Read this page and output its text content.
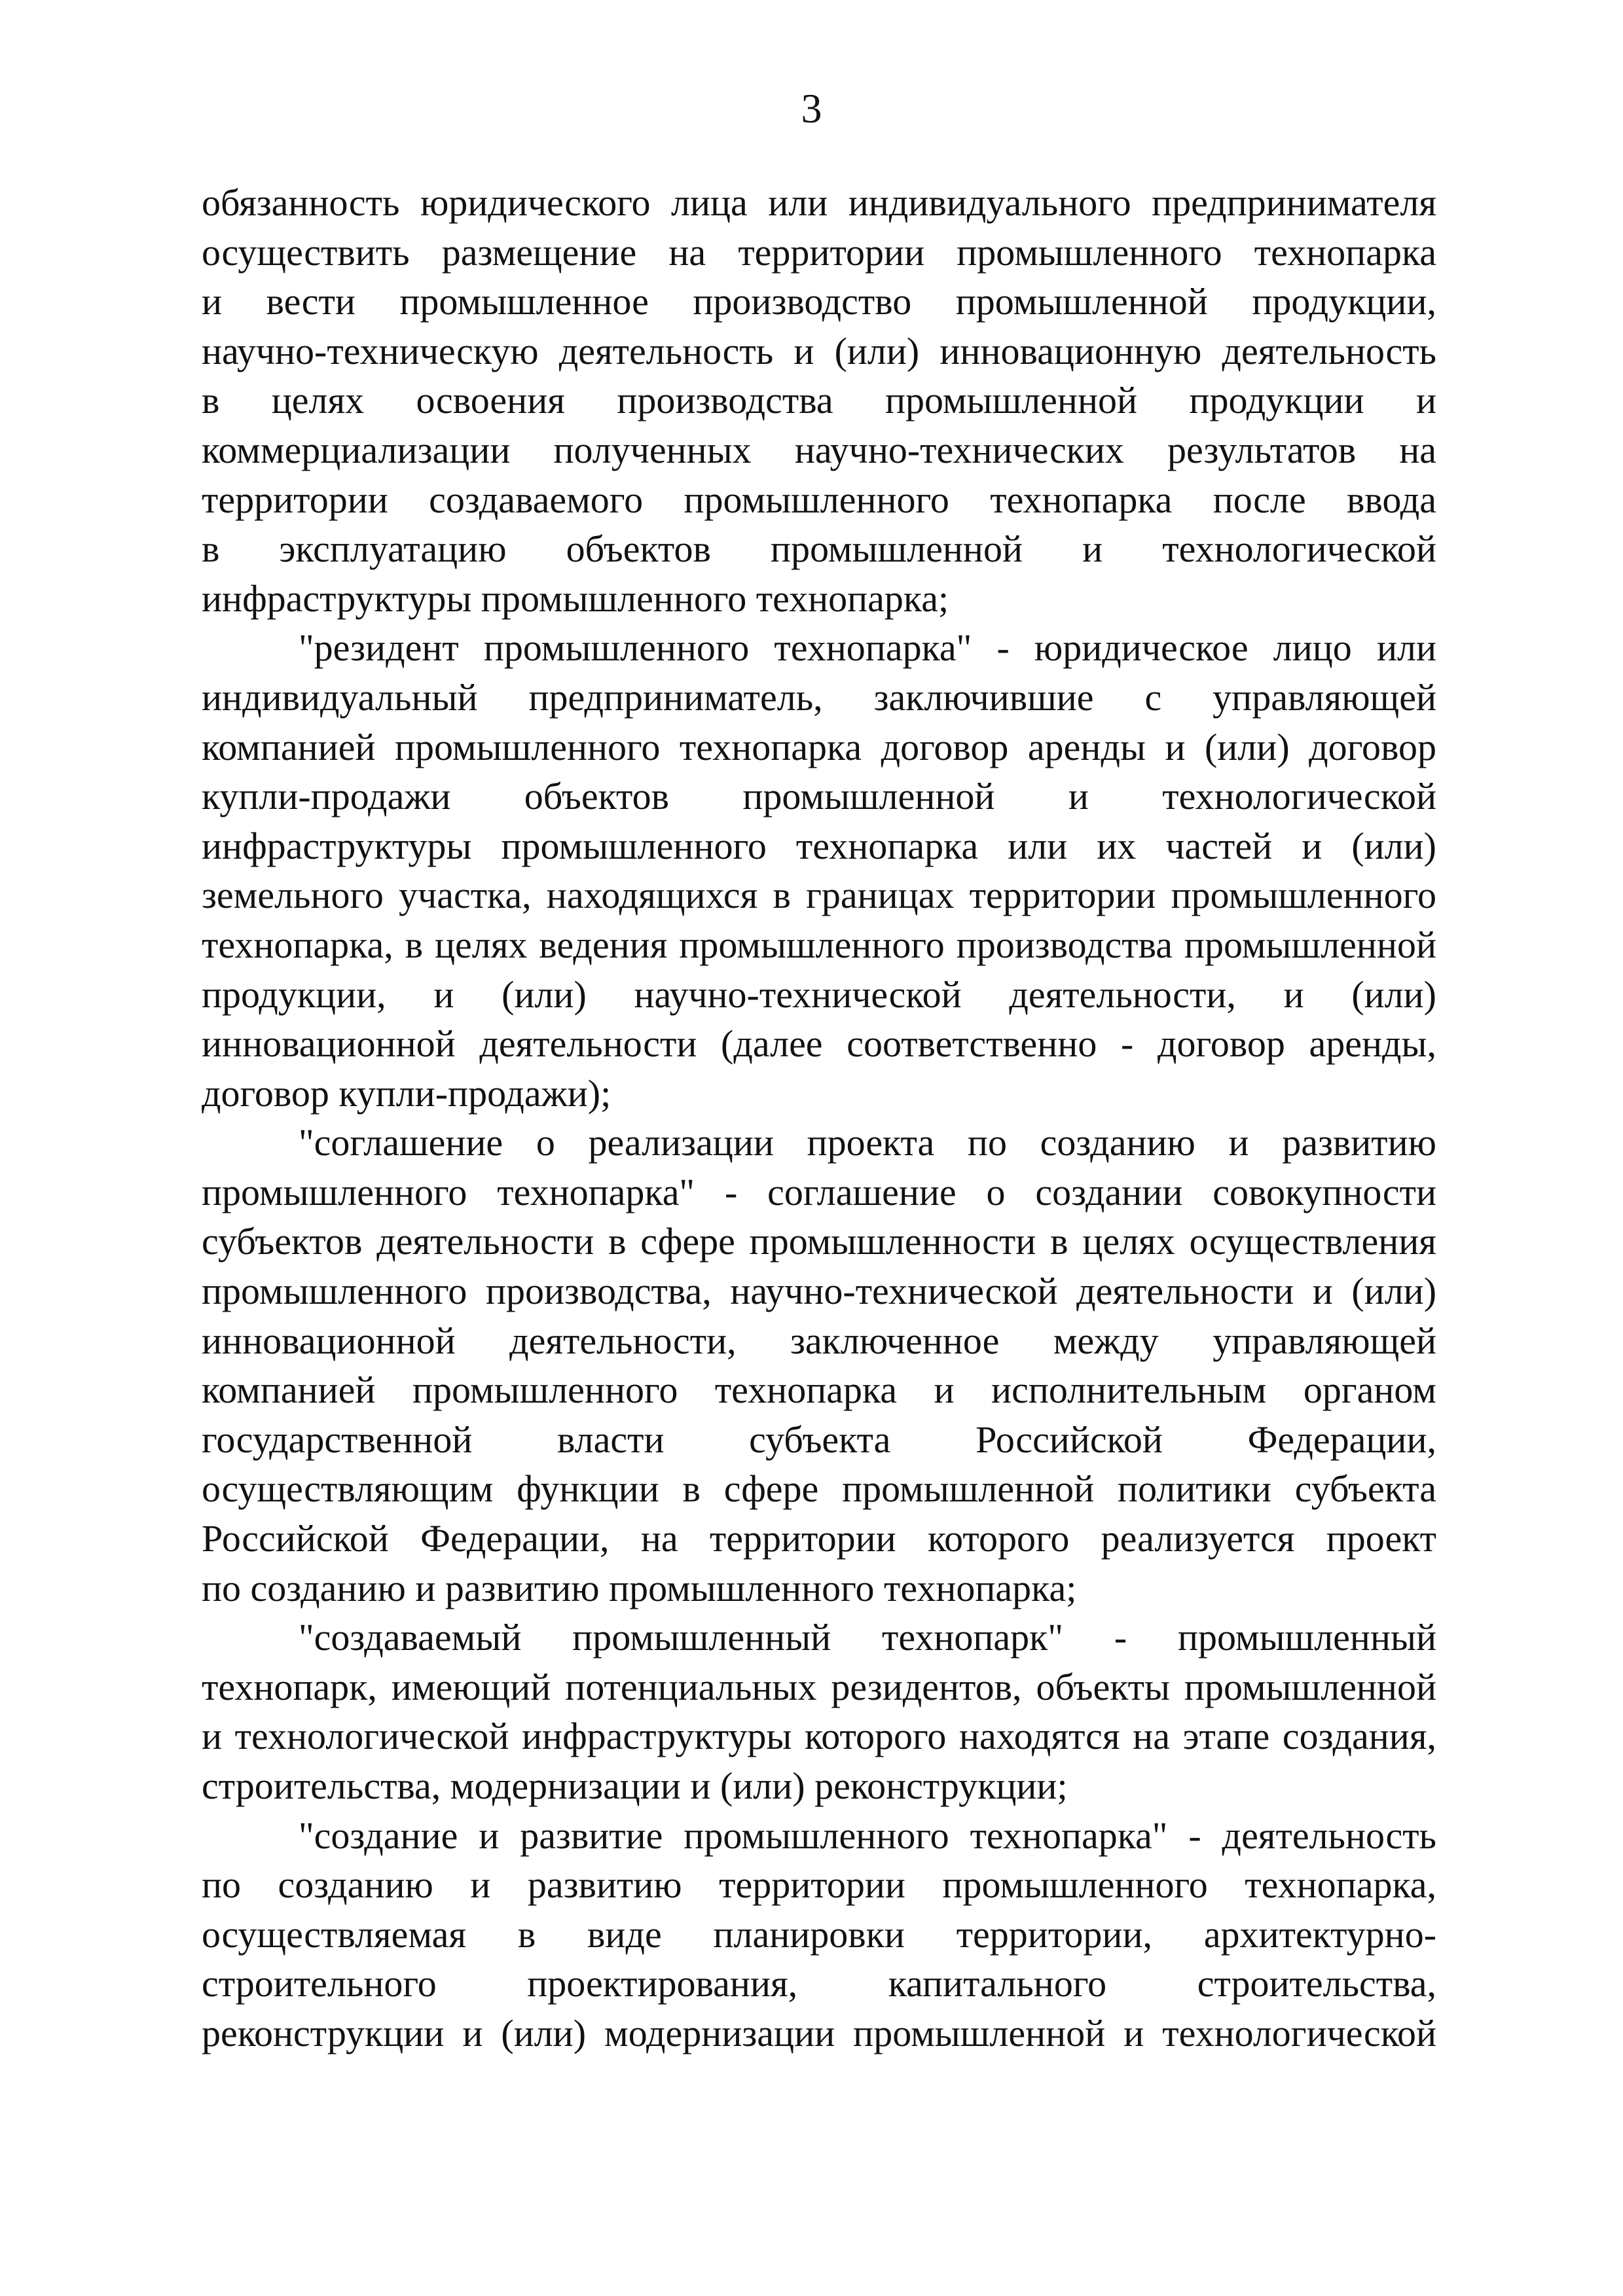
3
обязанность юридического лица или индивидуального предпринимателя
осуществить размещение на территории промышленного технопарка
и вести промышленное производство промышленной продукции,
научно-техническую деятельность и (или) инновационную деятельность
в целях освоения производства промышленной продукции и
коммерциализации полученных научно-технических результатов на
территории создаваемого промышленного технопарка после ввода
в эксплуатацию объектов промышленной и технологической
инфраструктуры промышленного технопарка;
"резидент промышленного технопарка" - юридическое лицо или
индивидуальный предприниматель, заключившие с управляющей
компанией промышленного технопарка договор аренды и (или) договор
купли-продажи объектов промышленной и технологической
инфраструктуры промышленного технопарка или их частей и (или)
земельного участка, находящихся в границах территории промышленного
технопарка, в целях ведения промышленного производства промышленной
продукции, и (или) научно-технической деятельности, и (или)
инновационной деятельности (далее соответственно - договор аренды,
договор купли-продажи);
"соглашение о реализации проекта по созданию и развитию
промышленного технопарка" - соглашение о создании совокупности
субъектов деятельности в сфере промышленности в целях осуществления
промышленного производства, научно-технической деятельности и (или)
инновационной деятельности, заключенное между управляющей
компанией промышленного технопарка и исполнительным органом
государственной власти субъекта Российской Федерации,
осуществляющим функции в сфере промышленной политики субъекта
Российской Федерации, на территории которого реализуется проект
по созданию и развитию промышленного технопарка;
"создаваемый промышленный технопарк" - промышленный
технопарк, имеющий потенциальных резидентов, объекты промышленной
и технологической инфраструктуры которого находятся на этапе создания,
строительства, модернизации и (или) реконструкции;
"создание и развитие промышленного технопарка" - деятельность
по созданию и развитию территории промышленного технопарка,
осуществляемая в виде планировки территории, архитектурно-
строительного проектирования, капитального строительства,
реконструкции и (или) модернизации промышленной и технологической
